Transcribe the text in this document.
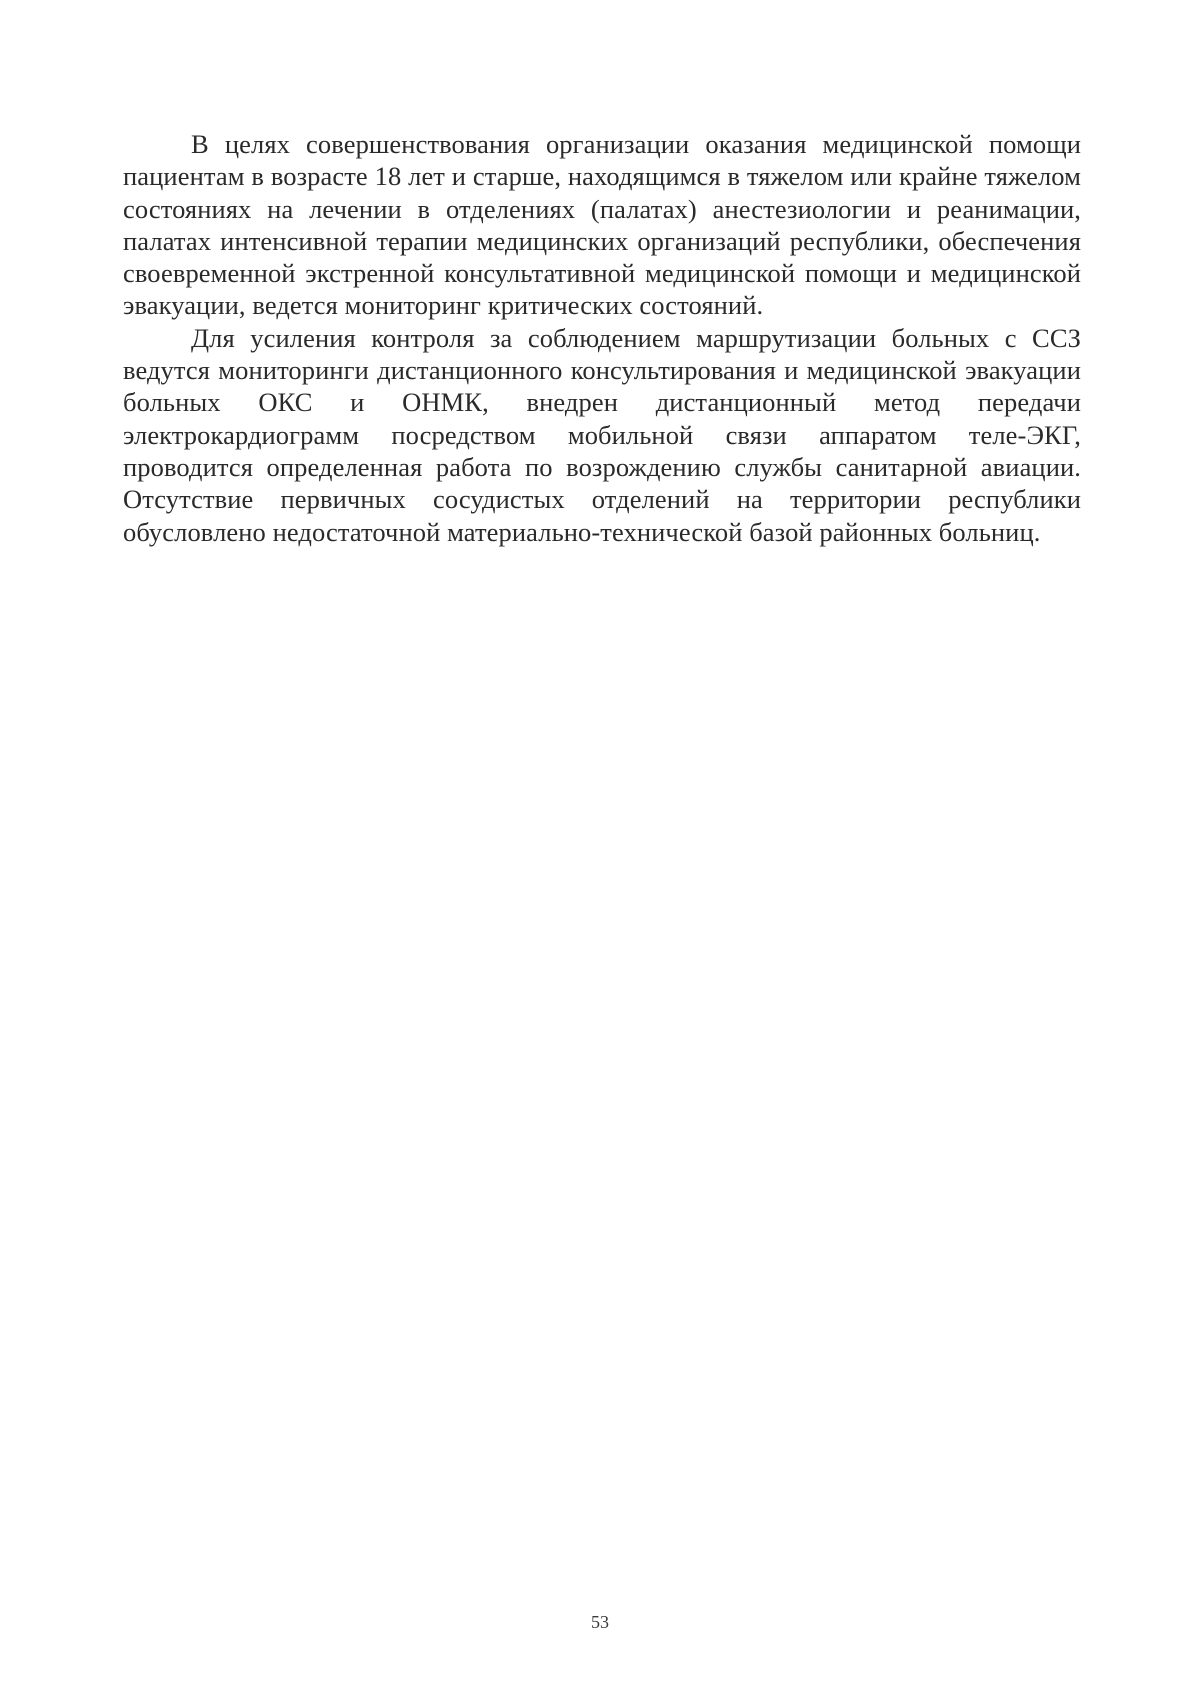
В целях совершенствования организации оказания медицинской помощи пациентам в возрасте 18 лет и старше, находящимся в тяжелом или крайне тяжелом состояниях на лечении в отделениях (палатах) анестезиологии и реанимации, палатах интенсивной терапии медицинских организаций республики, обеспечения своевременной экстренной консультативной медицинской помощи и медицинской эвакуации, ведется мониторинг критических состояний.

Для усиления контроля за соблюдением маршрутизации больных с ССЗ ведутся мониторинги дистанционного консультирования и медицинской эвакуации больных ОКС и ОНМК, внедрен дистанционный метод передачи электрокардиограмм посредством мобильной связи аппаратом теле-ЭКГ, проводится определенная работа по возрождению службы санитарной авиации. Отсутствие первичных сосудистых отделений на территории республики обусловлено недостаточной материально-технической базой районных больниц.

53
